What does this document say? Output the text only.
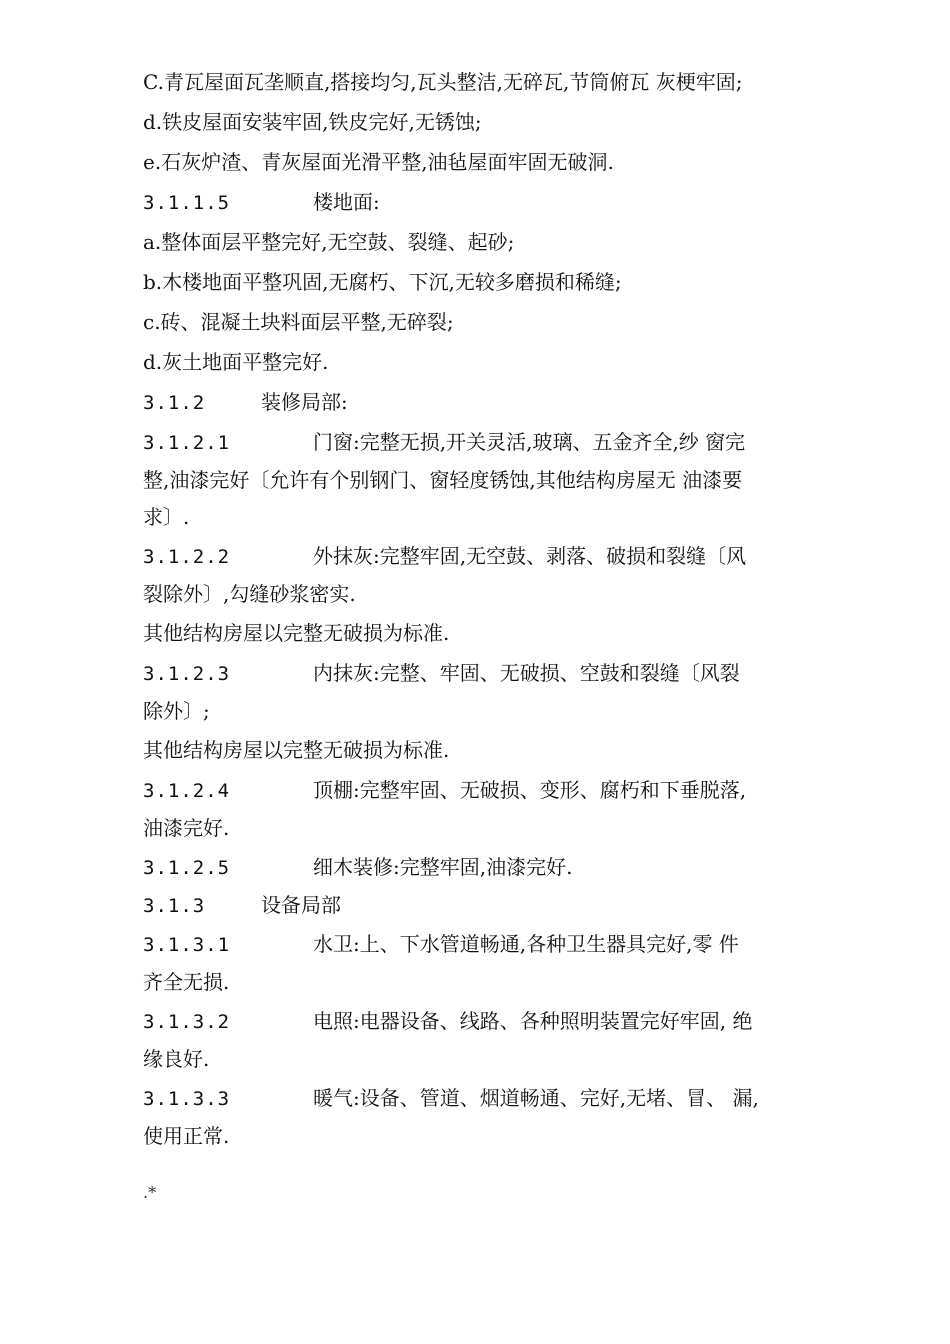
C.青瓦屋面瓦垄顺直,搭接均匀,瓦头整洁,无碎瓦,节筒俯瓦 灰梗牢固;
d.铁皮屋面安装牢固,铁皮完好,无锈蚀;
e.石灰炉渣、青灰屋面光滑平整,油毡屋面牢固无破洞.
3.1.1.5	楼地面:
a.整体面层平整完好,无空鼓、裂缝、起砂;
b.木楼地面平整巩固,无腐朽、下沉,无较多磨损和稀缝;
c.砖、混凝土块料面层平整,无碎裂;
d.灰土地面平整完好.
3.1.2	装修局部:
3.1.2.1	门窗:完整无损,开关灵活,玻璃、五金齐全,纱 窗完
整,油漆完好〔允许有个别钢门、窗轻度锈蚀,其他结构房屋无 油漆要
求〕.
3.1.2.2	外抹灰:完整牢固,无空鼓、剥落、破损和裂缝〔风
裂除外〕,勾缝砂浆密实.
其他结构房屋以完整无破损为标准.
3.1.2.3	内抹灰:完整、牢固、无破损、空鼓和裂缝〔风裂
除外〕;
其他结构房屋以完整无破损为标准.
3.1.2.4	顶棚:完整牢固、无破损、变形、腐朽和下垂脱落,
油漆完好.
3.1.2.5	细木装修:完整牢固,油漆完好.
3.1.3	设备局部
3.1.3.1	水卫:上、下水管道畅通,各种卫生器具完好,零 件
齐全无损.
3.1.3.2	电照:电器设备、线路、各种照明装置完好牢固, 绝
缘良好.
3.1.3.3	暖气:设备、管道、烟道畅通、完好,无堵、冒、 漏,
使用正常.
.*
